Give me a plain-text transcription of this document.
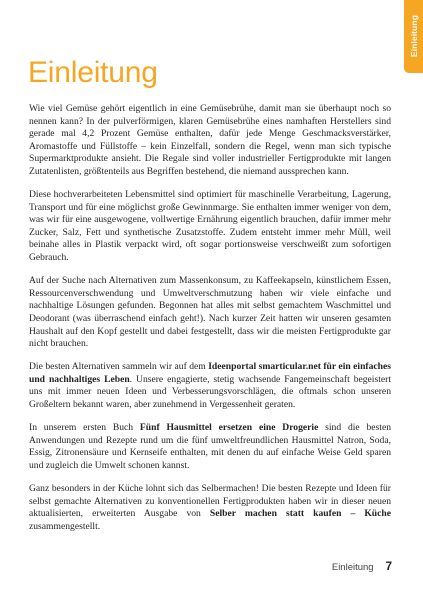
Einleitung
Einleitung

Wie viel Gemüse gehört eigentlich in eine Gemüsebrühe, damit man sie überhaupt noch so nennen kann? In der pulverförmigen, klaren Gemüsebrühe eines namhaften Herstellers sind gerade mal 4,2 Prozent Gemüse enthalten, dafür jede Menge Geschmacksverstärker, Aromastoffe und Füllstoffe – kein Einzelfall, sondern die Regel, wenn man sich typische Supermarktprodukte ansieht. Die Regale sind voller industrieller Fertigprodukte mit langen Zutatenlisten, größtenteils aus Begriffen bestehend, die niemand aussprechen kann.

Diese hochverarbeiteten Lebensmittel sind optimiert für maschinelle Verarbeitung, Lagerung, Transport und für eine möglichst große Gewinnmarge. Sie enthalten immer weniger von dem, was wir für eine ausgewogene, vollwertige Ernährung eigentlich brauchen, dafür immer mehr Zucker, Salz, Fett und synthetische Zusatzstoffe. Zudem entsteht immer mehr Müll, weil beinahe alles in Plastik verpackt wird, oft sogar portionsweise verschweißt zum sofortigen Gebrauch.

Auf der Suche nach Alternativen zum Massenkonsum, zu Kaffeekapseln, künstlichem Essen, Ressourcenverschwendung und Umweltverschmutzung haben wir viele einfache und nachhaltige Lösungen gefunden. Begonnen hat alles mit selbst gemachtem Waschmittel und Deodorant (was überraschend einfach geht!). Nach kurzer Zeit hatten wir unseren gesamten Haushalt auf den Kopf gestellt und dabei festgestellt, dass wir die meisten Fertigprodukte gar nicht brauchen.

Die besten Alternativen sammeln wir auf dem Ideenportal smarticular.net für ein einfaches und nachhaltiges Leben. Unsere engagierte, stetig wachsende Fangemeinschaft begeistert uns mit immer neuen Ideen und Verbesserungsvorschlägen, die oftmals schon unseren Großeltern bekannt waren, aber zunehmend in Vergessenheit geraten.

In unserem ersten Buch Fünf Hausmittel ersetzen eine Drogerie sind die besten Anwendungen und Rezepte rund um die fünf umweltfreundlichen Hausmittel Natron, Soda, Essig, Zitronensäure und Kernseife enthalten, mit denen du auf einfache Weise Geld sparen und zugleich die Umwelt schonen kannst.

Ganz besonders in der Küche lohnt sich das Selbermachen! Die besten Rezepte und Ideen für selbst gemachte Alternativen zu konventionellen Fertigprodukten haben wir in dieser neuen aktualisierten, erweiterten Ausgabe von Selber machen statt kaufen – Küche zusammengestellt.

Einleitung 7
